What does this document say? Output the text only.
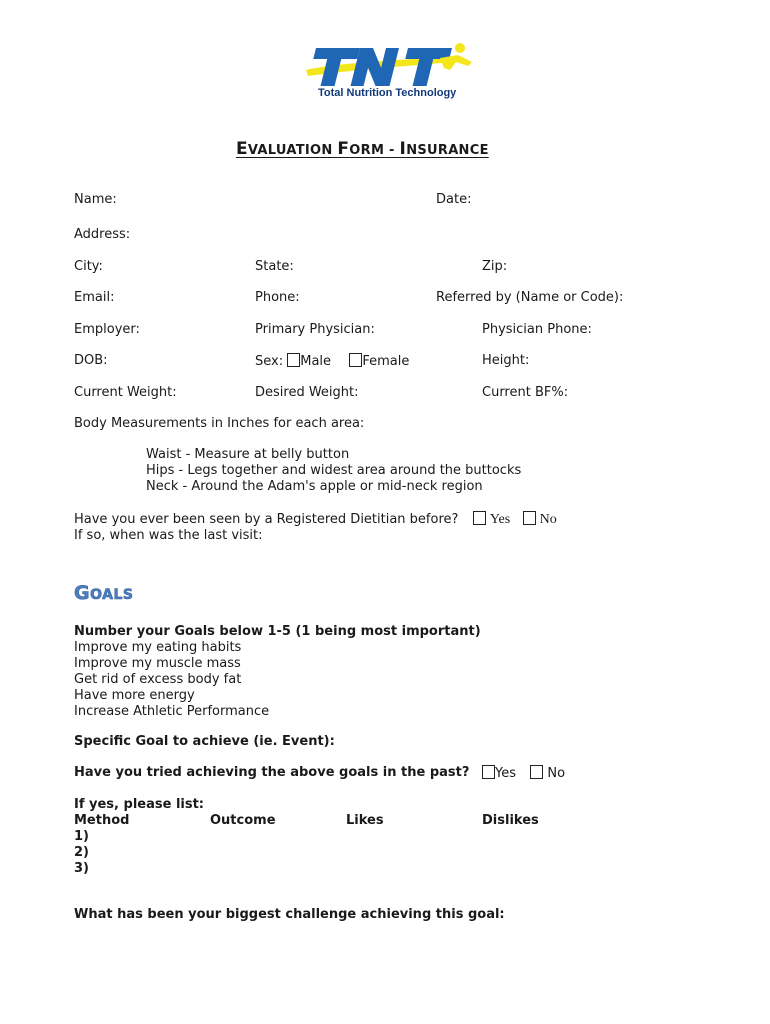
Total Nutrition Technology
EVALUATION FORM - INSURANCE
Name:	Date:
Address:
City:	State:	Zip:
Email:	Phone:	Referred by (Name or Code):
Employer:	Primary Physician:	Physician Phone:
DOB:	Sex: Male Female	Height:
Current Weight:	Desired Weight:	Current BF%:
Body Measurements in Inches for each area:
Waist - Measure at belly button
Hips - Legs together and widest area around the buttocks
Neck - Around the Adam's apple or mid-neck region
Have you ever been seen by a Registered Dietitian before? Yes No
If so, when was the last visit:
GOALS
Number your Goals below 1-5 (1 being most important)
Improve my eating habits
Improve my muscle mass
Get rid of excess body fat
Have more energy
Increase Athletic Performance
Specific Goal to achieve (ie. Event):
Have you tried achieving the above goals in the past?	Yes No
If yes, please list:
Method	Outcome	Likes	Dislikes
1)
2)
3)
What has been your biggest challenge achieving this goal:
